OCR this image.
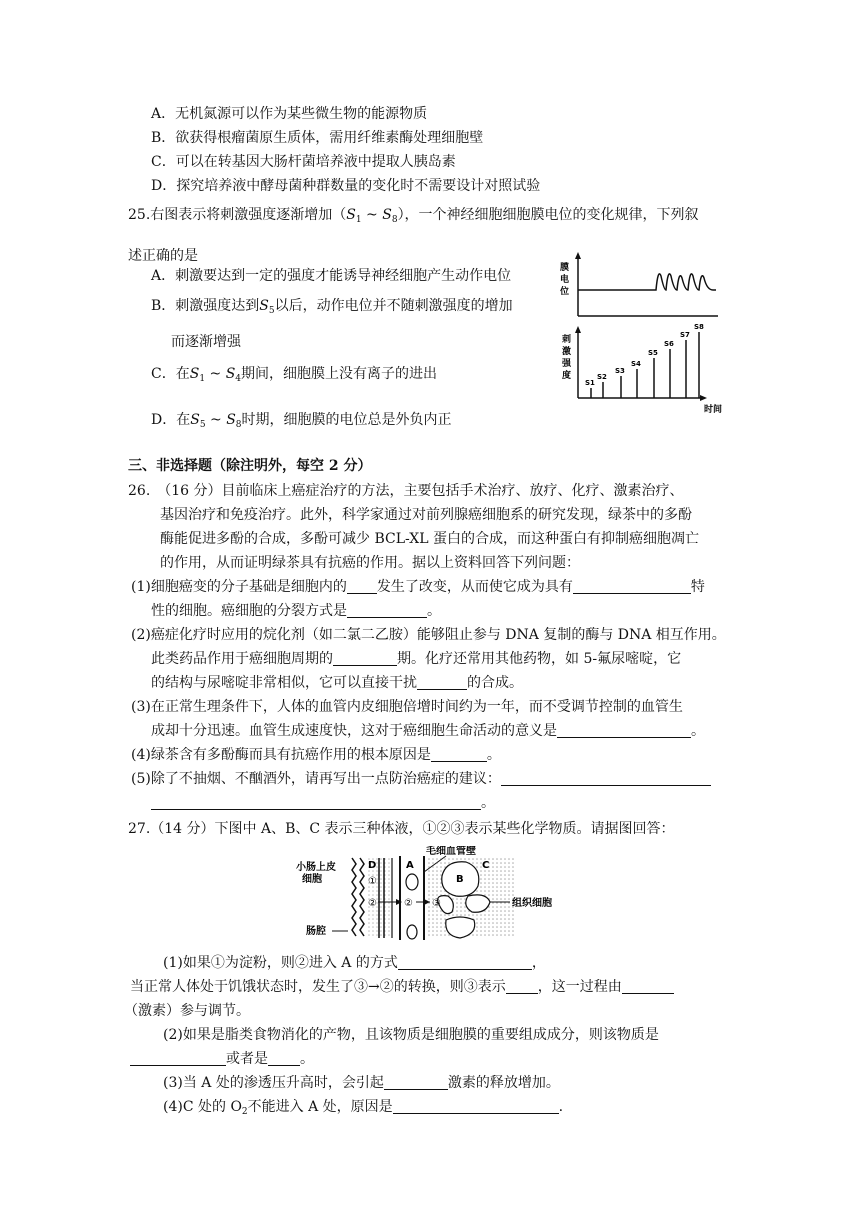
A．无机氮源可以作为某些微生物的能源物质
B．欲获得根瘤菌原生质体，需用纤维素酶处理细胞壁
C．可以在转基因大肠杆菌培养液中提取人胰岛素
D．探究培养液中酵母菌种群数量的变化时不需要设计对照试验
25.右图表示将刺激强度逐渐增加（$S_1$ ~ $S_8$），一个神经细胞细胞膜电位的变化规律，下列叙
述正确的是
A．刺激要达到一定的强度才能诱导神经细胞产生动作电位
B．刺激强度达到$S_5$以后，动作电位并不随刺激强度的增加
而逐渐增强
C．在$S_1$ ~ $S_4$期间，细胞膜上没有离子的进出
D．在$S_5$ ~ $S_8$时期，细胞膜的电位总是外负内正
膜
电
位
刺
激
强
度
时间
S1
S2
S3
S4
S5
S6
S7
S8
三、非选择题（除注明外，每空 2 分）
26.　（16 分）目前临床上癌症治疗的方法，主要包括手术治疗、放疗、化疗、激素治疗、
基因治疗和免疫治疗。此外，科学家通过对前列腺癌细胞系的研究发现，绿茶中的多酚
酶能促进多酚的合成，多酚可减少 BCL-XL 蛋白的合成，而这种蛋白有抑制癌细胞凋亡
的作用，从而证明绿茶具有抗癌的作用。据以上资料回答下列问题：
(1)细胞癌变的分子基础是细胞内的 发生了改变，从而使它成为具有	特
性的细胞。癌细胞的分裂方式是	。
(2)癌症化疗时应用的烷化剂（如二氯二乙胺）能够阻止参与 DNA 复制的酶与 DNA 相互作用。
此类药品作用于癌细胞周期的	期。化疗还常用其他药物，如 5-氟尿嘧啶，它
的结构与尿嘧啶非常相似，它可以直接干扰	的合成。
(3)在正常生理条件下，人体的血管内皮细胞倍增时间约为一年，而不受调节控制的血管生
成却十分迅速。血管生成速度快，这对于癌细胞生命活动的意义是	。
(4)绿茶含有多酚酶而具有抗癌作用的根本原因是	。
(5)除了不抽烟、不酗酒外，请再写出一点防治癌症的建议：
。
27.（14 分）下图中 A、B、C 表示三种体液，①②③表示某些化学物质。请据图回答：
毛细血管壁
小肠上皮
细胞
肠腔
D	A	C
B
组织细胞
①
②	② ③
(1)如果①为淀粉，则②进入 A 的方式	，
当正常人体处于饥饿状态时，发生了③→②的转换，则③表示 ，这一过程由
（激素）参与调节。
(2)如果是脂类食物消化的产物，且该物质是细胞膜的重要组成成分，则该物质是
或者是 。
(3)当 A 处的渗透压升高时，会引起	激素的释放增加。
(4)C 处的 $O_2$不能进入 A 处，原因是	.
